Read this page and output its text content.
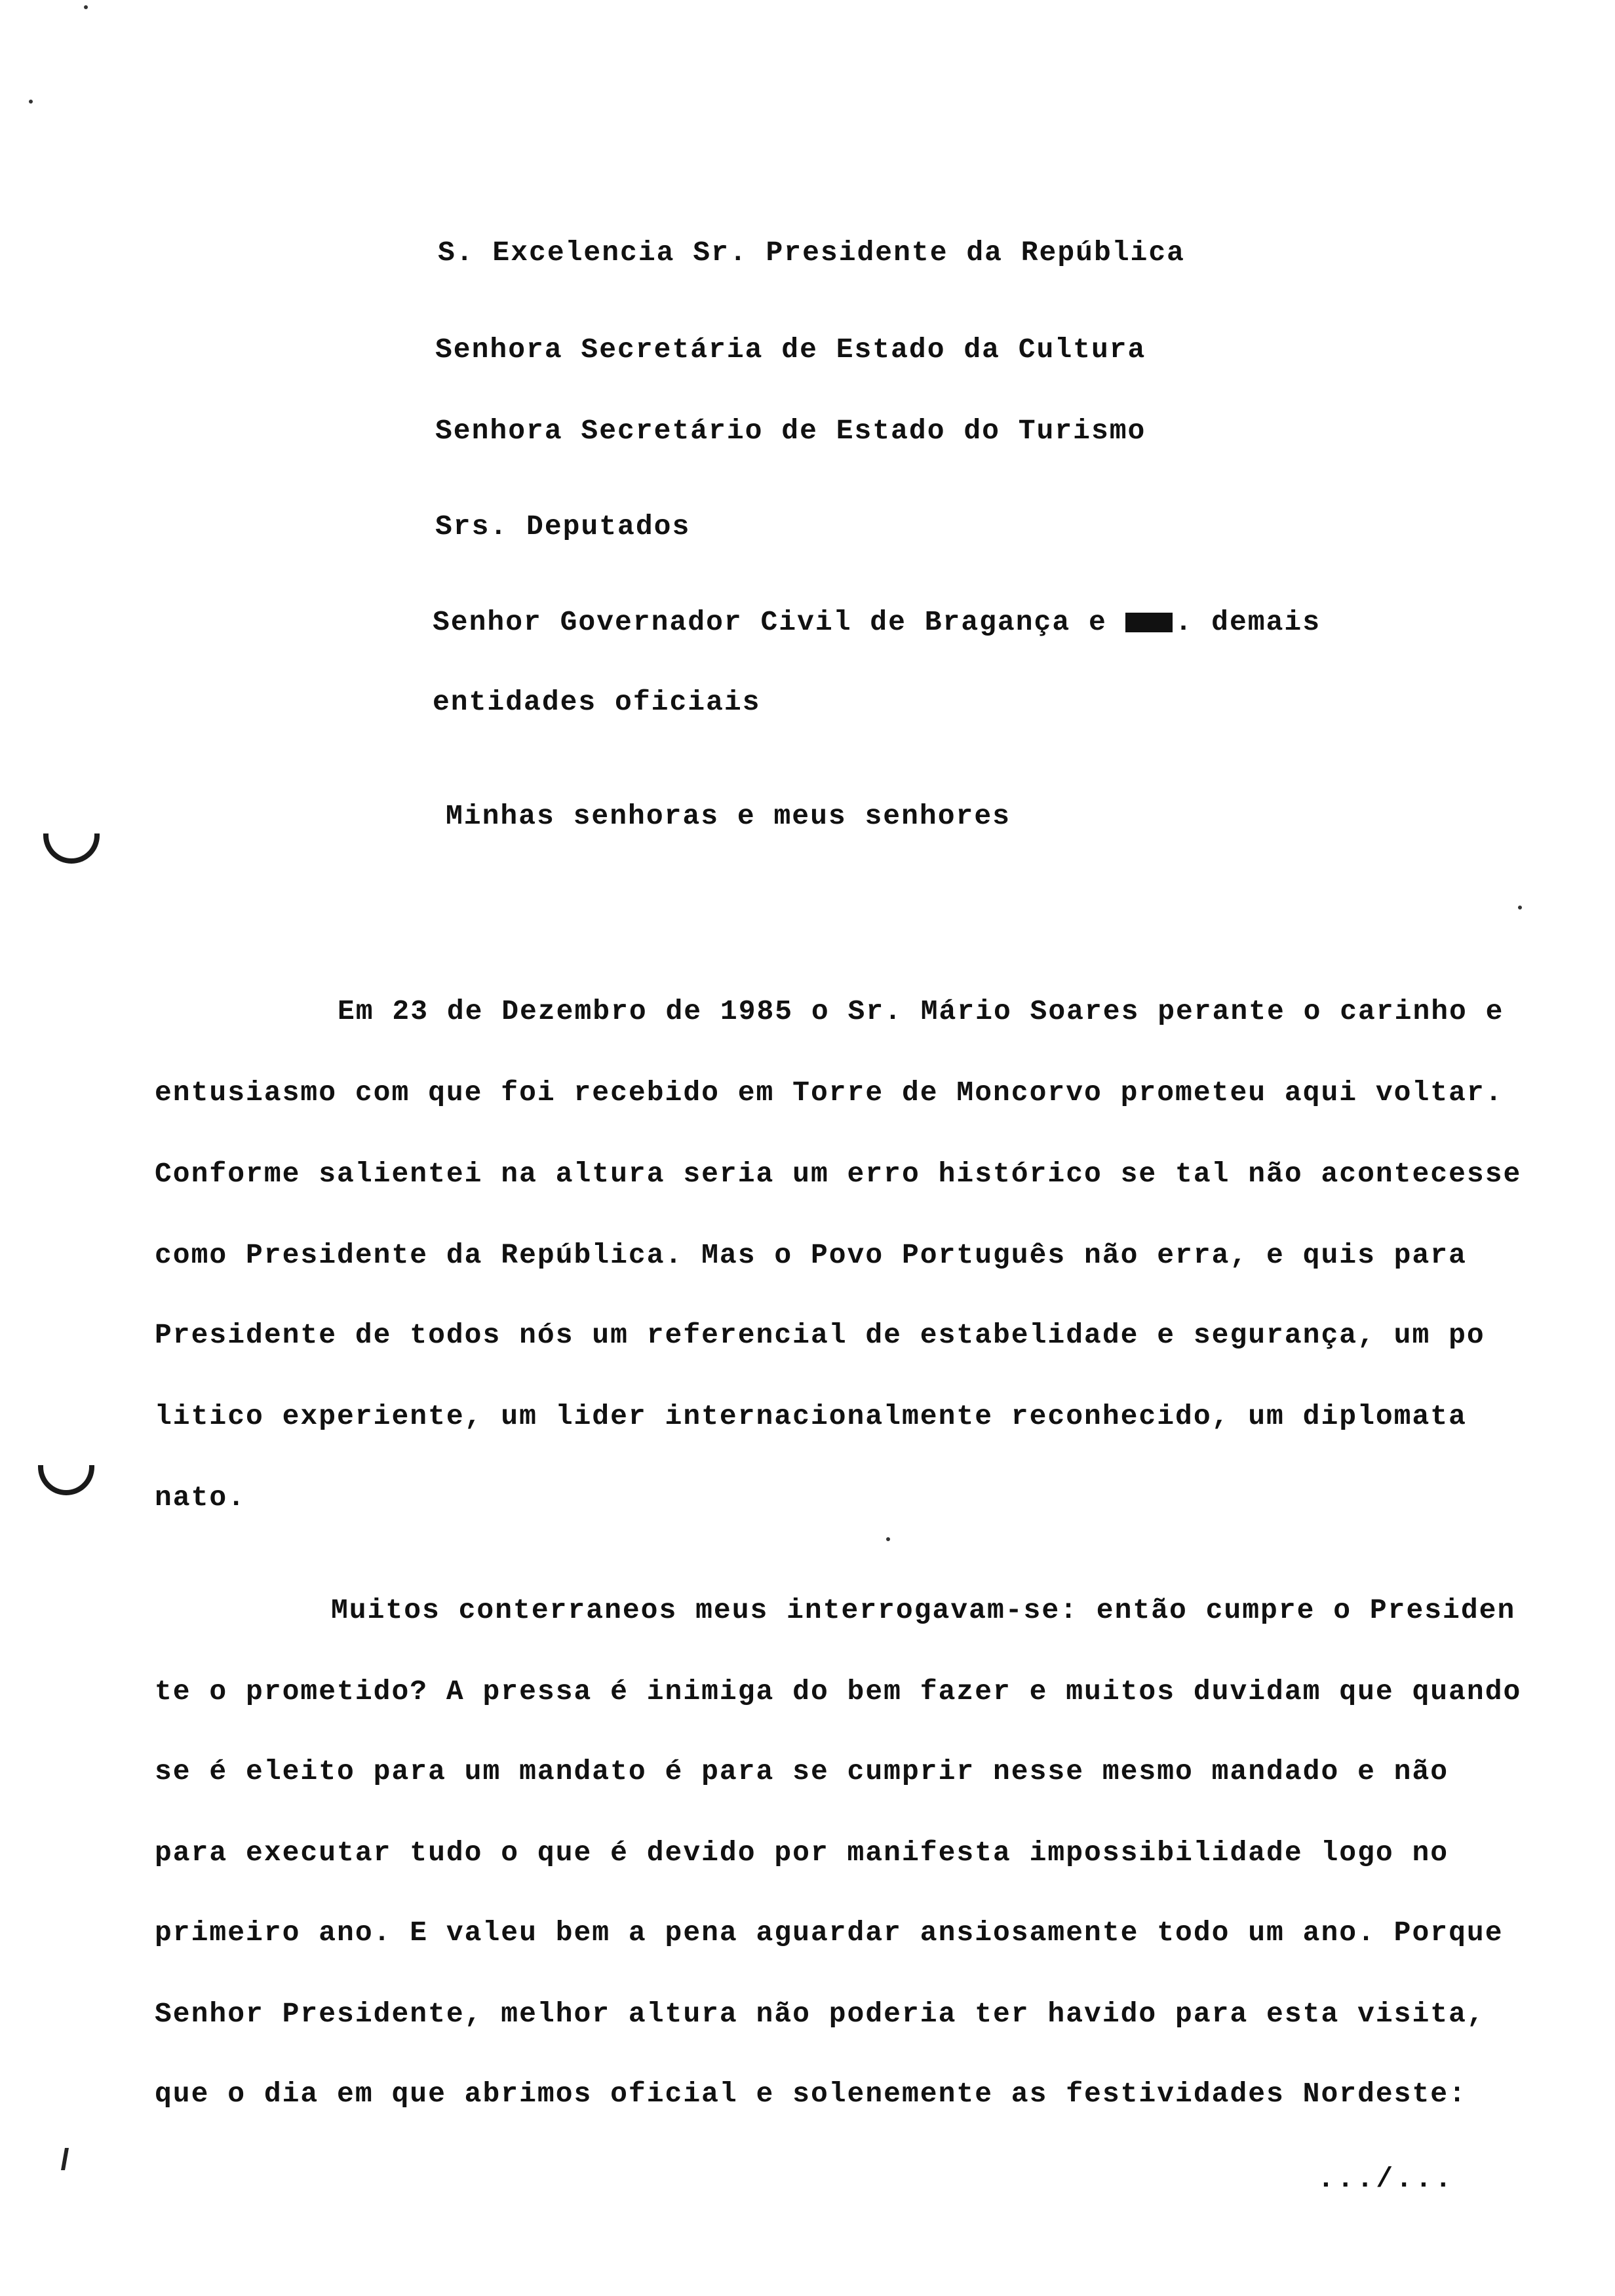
S. Excelencia Sr. Presidente da República
Senhora Secretária de Estado da Cultura
Senhora Secretário de Estado do Turismo
Srs. Deputados
Senhor Governador Civil de Bragança e . demais
entidades oficiais
Minhas senhoras e meus senhores
Em 23 de Dezembro de 1985 o Sr. Mário Soares perante o carinho e
entusiasmo com que foi recebido em Torre de Moncorvo prometeu aqui voltar.
Conforme salientei na altura seria um erro histórico se tal não acontecesse
como Presidente da República. Mas o Povo Português não erra, e quis para
Presidente de todos nós um referencial de estabelidade e segurança, um po
litico experiente, um lider internacionalmente reconhecido, um diplomata
nato.
Muitos conterraneos meus interrogavam-se: então cumpre o Presiden
te o prometido? A pressa é inimiga do bem fazer e muitos duvidam que quando
se é eleito para um mandato é para se cumprir nesse mesmo mandado e não
para executar tudo o que é devido por manifesta impossibilidade logo no
primeiro ano. E valeu bem a pena aguardar ansiosamente todo um ano. Porque
Senhor Presidente, melhor altura não poderia ter havido para esta visita,
que o dia em que abrimos oficial e solenemente as festividades Nordeste:
.../...
